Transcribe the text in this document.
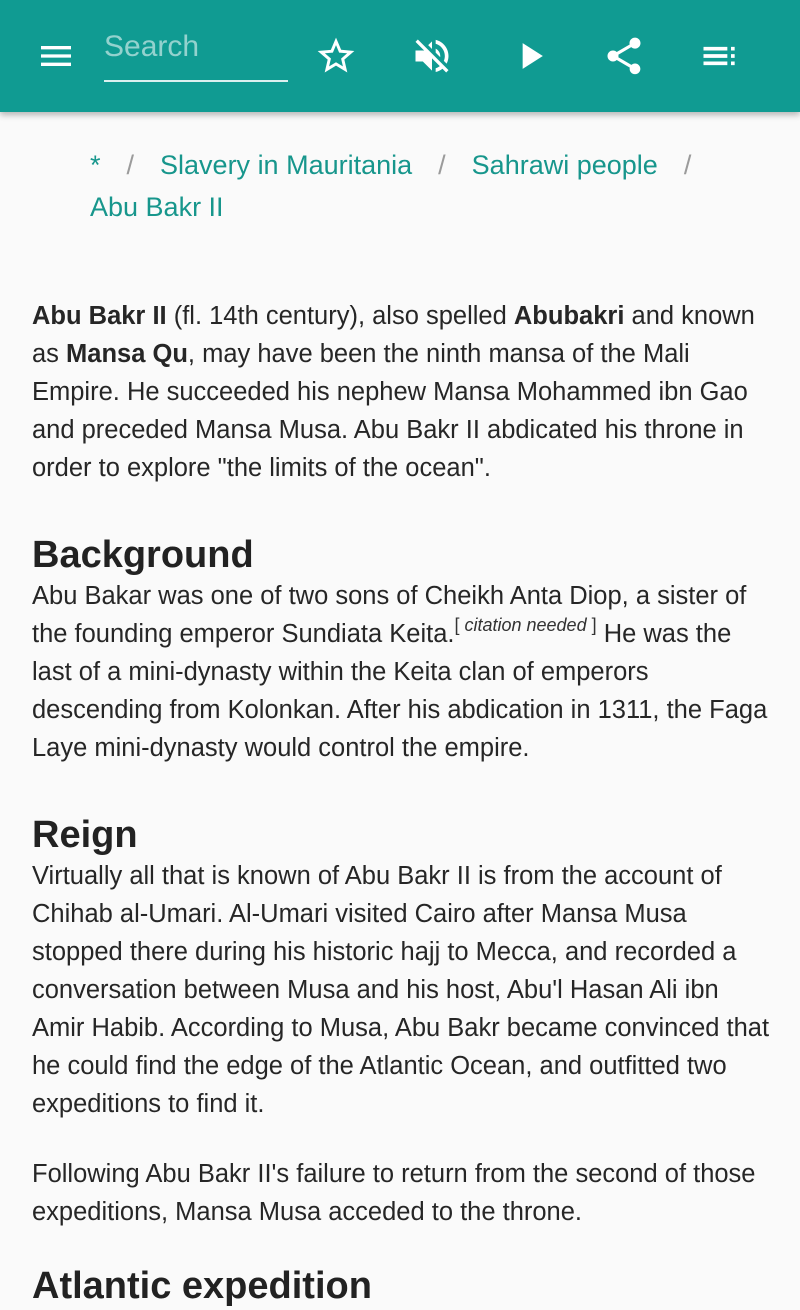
Search
* / Slavery in Mauritania / Sahrawi people /
Abu Bakr II

Abu Bakr II (fl. 14th century), also spelled Abubakri and known as Mansa Qu, may have been the ninth mansa of the Mali Empire. He succeeded his nephew Mansa Mohammed ibn Gao and preceded Mansa Musa. Abu Bakr II abdicated his throne in order to explore "the limits of the ocean".

Background

Abu Bakar was one of two sons of Cheikh Anta Diop, a sister of the founding emperor Sundiata Keita.[ citation needed ] He was the last of a mini-dynasty within the Keita clan of emperors descending from Kolonkan. After his abdication in 1311, the Faga Laye mini-dynasty would control the empire.

Reign

Virtually all that is known of Abu Bakr II is from the account of Chihab al-Umari. Al-Umari visited Cairo after Mansa Musa stopped there during his historic hajj to Mecca, and recorded a conversation between Musa and his host, Abu'l Hasan Ali ibn Amir Habib. According to Musa, Abu Bakr became convinced that he could find the edge of the Atlantic Ocean, and outfitted two expeditions to find it.

Following Abu Bakr II's failure to return from the second of those expeditions, Mansa Musa acceded to the throne.

Atlantic expedition
